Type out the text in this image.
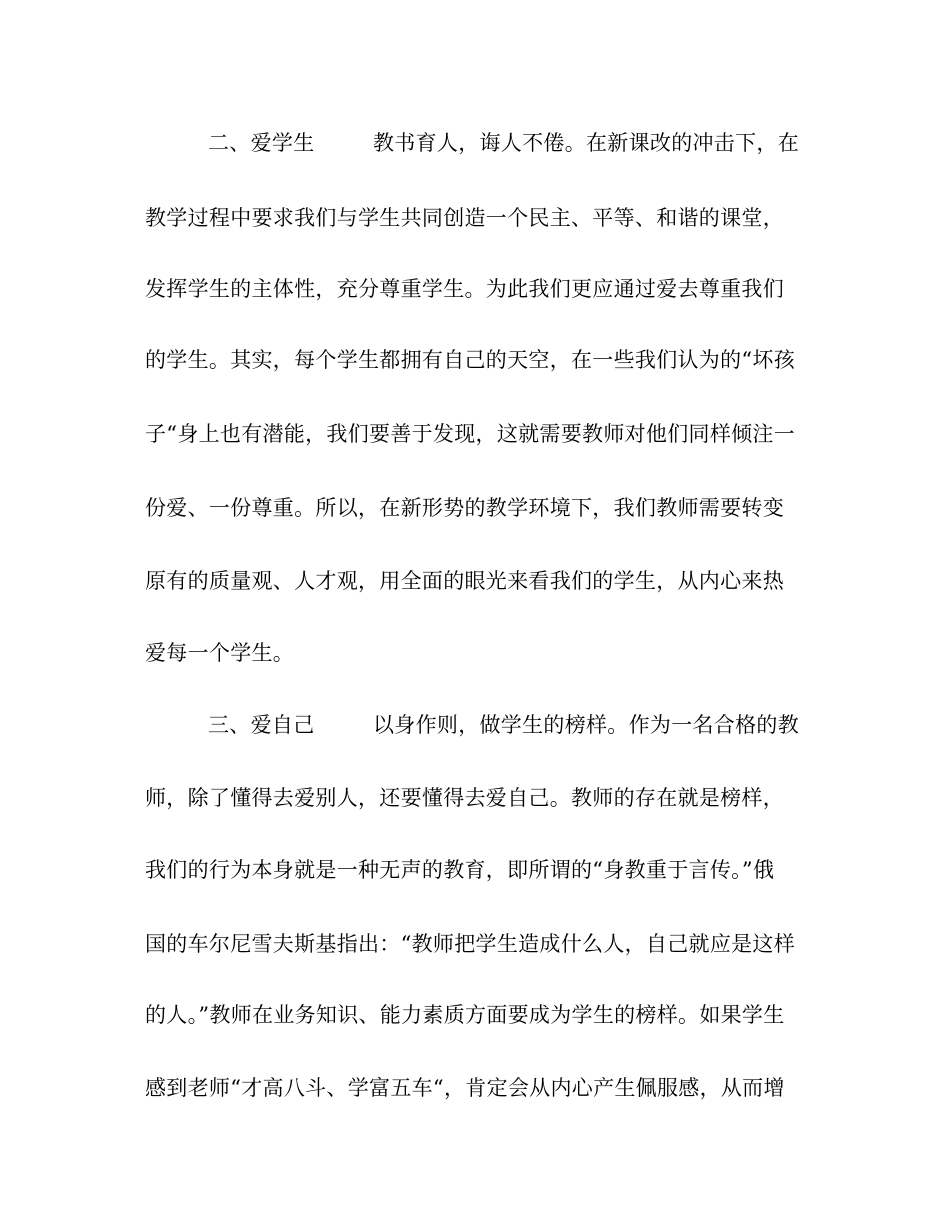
二、爱学生	教书育人，诲人不倦。在新课改的冲击下，在
教学过程中要求我们与学生共同创造一个民主、平等、和谐的课堂，
发挥学生的主体性，充分尊重学生。为此我们更应通过爱去尊重我们
的学生。其实，每个学生都拥有自己的天空，在一些我们认为的“坏孩
子“身上也有潜能，我们要善于发现，这就需要教师对他们同样倾注一
份爱、一份尊重。所以，在新形势的教学环境下，我们教师需要转变
原有的质量观、人才观，用全面的眼光来看我们的学生，从内心来热
爱每一个学生。
三、爱自己	以身作则，做学生的榜样。作为一名合格的教
师，除了懂得去爱别人，还要懂得去爱自己。教师的存在就是榜样，
我们的行为本身就是一种无声的教育，即所谓的“身教重于言传。”俄
国的车尔尼雪夫斯基指出：“教师把学生造成什么人，自己就应是这样
的人。”教师在业务知识、能力素质方面要成为学生的榜样。如果学生
感到老师“才高八斗、学富五车“，肯定会从内心产生佩服感，从而增
